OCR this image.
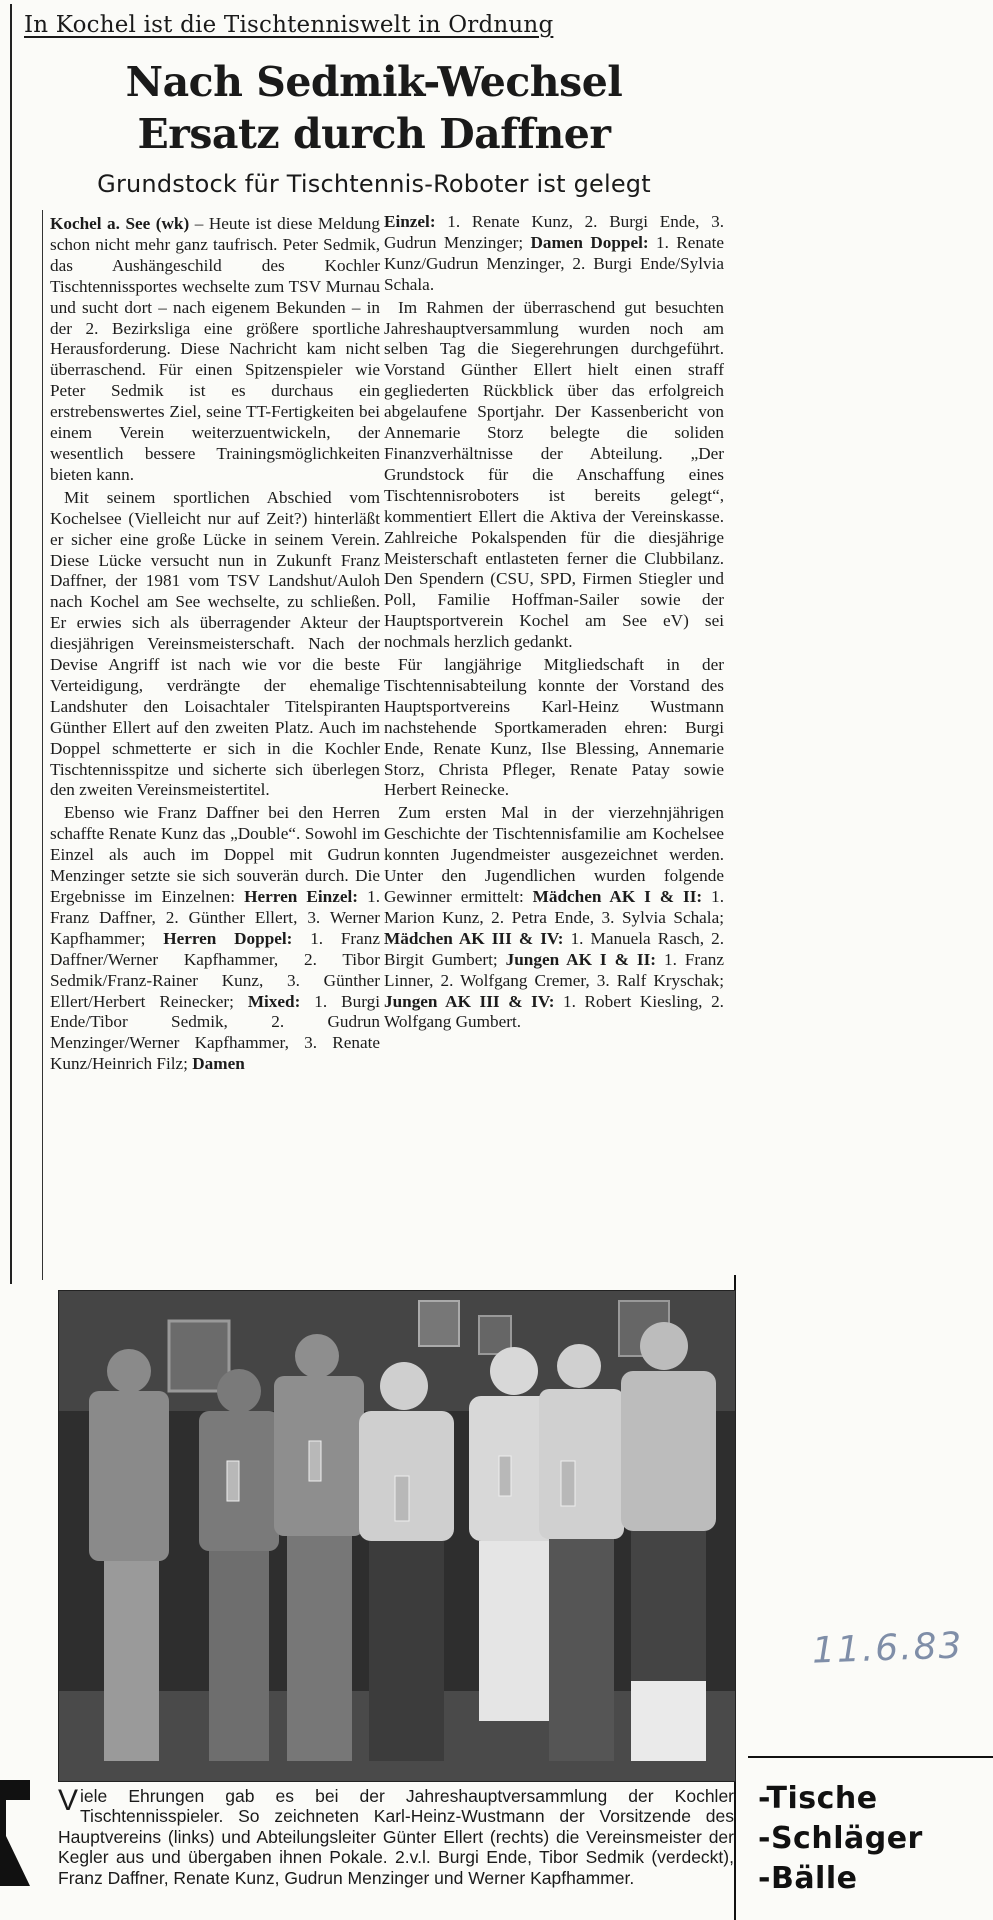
In Kochel ist die Tischtenniswelt in Ordnung
Nach Sedmik-Wechsel
Ersatz durch Daffner
Grundstock für Tischtennis-Roboter ist gelegt

Kochel a. See (wk) – Heute ist diese Meldung schon nicht mehr ganz taufrisch. Peter Sedmik, das Aushängeschild des Kochler Tischtennissportes wechselte zum TSV Murnau und sucht dort – nach eigenem Bekunden – in der 2. Bezirksliga eine größere sportliche Herausforderung. Diese Nachricht kam nicht überraschend. Für einen Spitzenspieler wie Peter Sedmik ist es durchaus ein erstrebenswertes Ziel, seine TT-Fertigkeiten bei einem Verein weiterzuentwickeln, der wesentlich bessere Trainingsmöglichkeiten bieten kann.

Mit seinem sportlichen Abschied vom Kochelsee (Vielleicht nur auf Zeit?) hinterläßt er sicher eine große Lücke in seinem Verein. Diese Lücke versucht nun in Zukunft Franz Daffner, der 1981 vom TSV Landshut/Auloh nach Kochel am See wechselte, zu schließen. Er erwies sich als überragender Akteur der diesjährigen Vereinsmeisterschaft. Nach der Devise Angriff ist nach wie vor die beste Verteidigung, verdrängte der ehemalige Landshuter den Loisachtaler Titelspiranten Günther Ellert auf den zweiten Platz. Auch im Doppel schmetterte er sich in die Kochler Tischtennisspitze und sicherte sich überlegen den zweiten Vereinsmeistertitel.

Ebenso wie Franz Daffner bei den Herren schaffte Renate Kunz das „Double“. Sowohl im Einzel als auch im Doppel mit Gudrun Menzinger setzte sie sich souverän durch. Die Ergebnisse im Einzelnen: Herren Einzel: 1. Franz Daffner, 2. Günther Ellert, 3. Werner Kapfhammer; Herren Doppel: 1. Franz Daffner/Werner Kapfhammer, 2. Tibor Sedmik/Franz-Rainer Kunz, 3. Günther Ellert/Herbert Reinecker; Mixed: 1. Burgi Ende/Tibor Sedmik, 2. Gudrun Menzinger/Werner Kapfhammer, 3. Renate Kunz/Heinrich Filz; Damen

Einzel: 1. Renate Kunz, 2. Burgi Ende, 3. Gudrun Menzinger; Damen Doppel: 1. Renate Kunz/Gudrun Menzinger, 2. Burgi Ende/Sylvia Schala.

Im Rahmen der überraschend gut besuchten Jahreshauptversammlung wurden noch am selben Tag die Siegerehrungen durchgeführt. Vorstand Günther Ellert hielt einen straff gegliederten Rückblick über das erfolgreich abgelaufene Sportjahr. Der Kassenbericht von Annemarie Storz belegte die soliden Finanzverhältnisse der Abteilung. „Der Grundstock für die Anschaffung eines Tischtennisroboters ist bereits gelegt“, kommentiert Ellert die Aktiva der Vereinskasse. Zahlreiche Pokalspenden für die diesjährige Meisterschaft entlasteten ferner die Clubbilanz. Den Spendern (CSU, SPD, Firmen Stiegler und Poll, Familie Hoffman-Sailer sowie der Hauptsportverein Kochel am See eV) sei nochmals herzlich gedankt.

Für langjährige Mitgliedschaft in der Tischtennisabteilung konnte der Vorstand des Hauptsportvereins Karl-Heinz Wustmann nachstehende Sportkameraden ehren: Burgi Ende, Renate Kunz, Ilse Blessing, Annemarie Storz, Christa Pfleger, Renate Patay sowie Herbert Reinecke.

Zum ersten Mal in der vierzehnjährigen Geschichte der Tischtennisfamilie am Kochelsee konnten Jugendmeister ausgezeichnet werden. Unter den Jugendlichen wurden folgende Gewinner ermittelt: Mädchen AK I & II: 1. Marion Kunz, 2. Petra Ende, 3. Sylvia Schala; Mädchen AK III & IV: 1. Manuela Rasch, 2. Birgit Gumbert; Jungen AK I & II: 1. Franz Linner, 2. Wolfgang Cremer, 3. Ralf Kryschak; Jungen AK III & IV: 1. Robert Kiesling, 2. Wolfgang Gumbert.

Viele Ehrungen gab es bei der Jahreshauptversammlung der Kochler Tischtennisspieler. So zeichneten Karl-Heinz-Wustmann der Vorsitzende des Hauptvereins (links) und Abteilungsleiter Günter Ellert (rechts) die Vereinsmeister der Kegler aus und übergaben ihnen Pokale. 2.v.l. Burgi Ende, Tibor Sedmik (verdeckt), Franz Daffner, Renate Kunz, Gudrun Menzinger und Werner Kapfhammer.
11.6.83
-Tische
-Schläger
-Bälle
